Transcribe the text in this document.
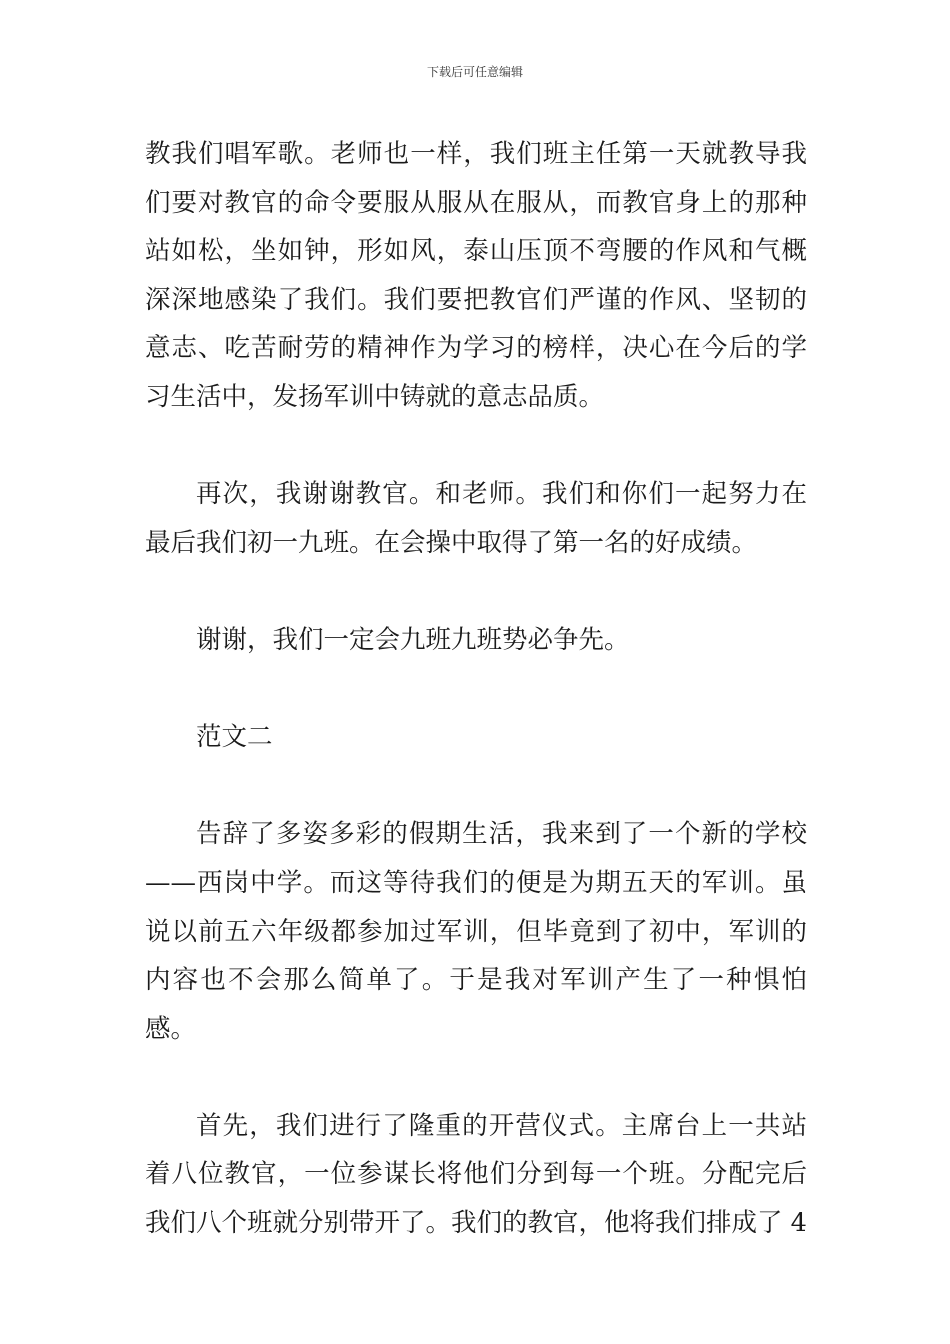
下载后可任意编辑

教我们唱军歌。老师也一样，我们班主任第一天就教导我们要对教官的命令要服从服从在服从，而教官身上的那种站如松，坐如钟，形如风，泰山压顶不弯腰的作风和气概深深地感染了我们。我们要把教官们严谨的作风、坚韧的意志、吃苦耐劳的精神作为学习的榜样，决心在今后的学习生活中，发扬军训中铸就的意志品质。

再次，我谢谢教官。和老师。我们和你们一起努力在最后我们初一九班。在会操中取得了第一名的好成绩。

谢谢，我们一定会九班九班势必争先。

范文二

告辞了多姿多彩的假期生活，我来到了一个新的学校——西岗中学。而这等待我们的便是为期五天的军训。虽说以前五六年级都参加过军训，但毕竟到了初中，军训的内容也不会那么简单了。于是我对军训产生了一种惧怕感。

首先，我们进行了隆重的开营仪式。主席台上一共站着八位教官，一位参谋长将他们分到每一个班。分配完后我们八个班就分别带开了。我们的教官，他将我们排成了 4
